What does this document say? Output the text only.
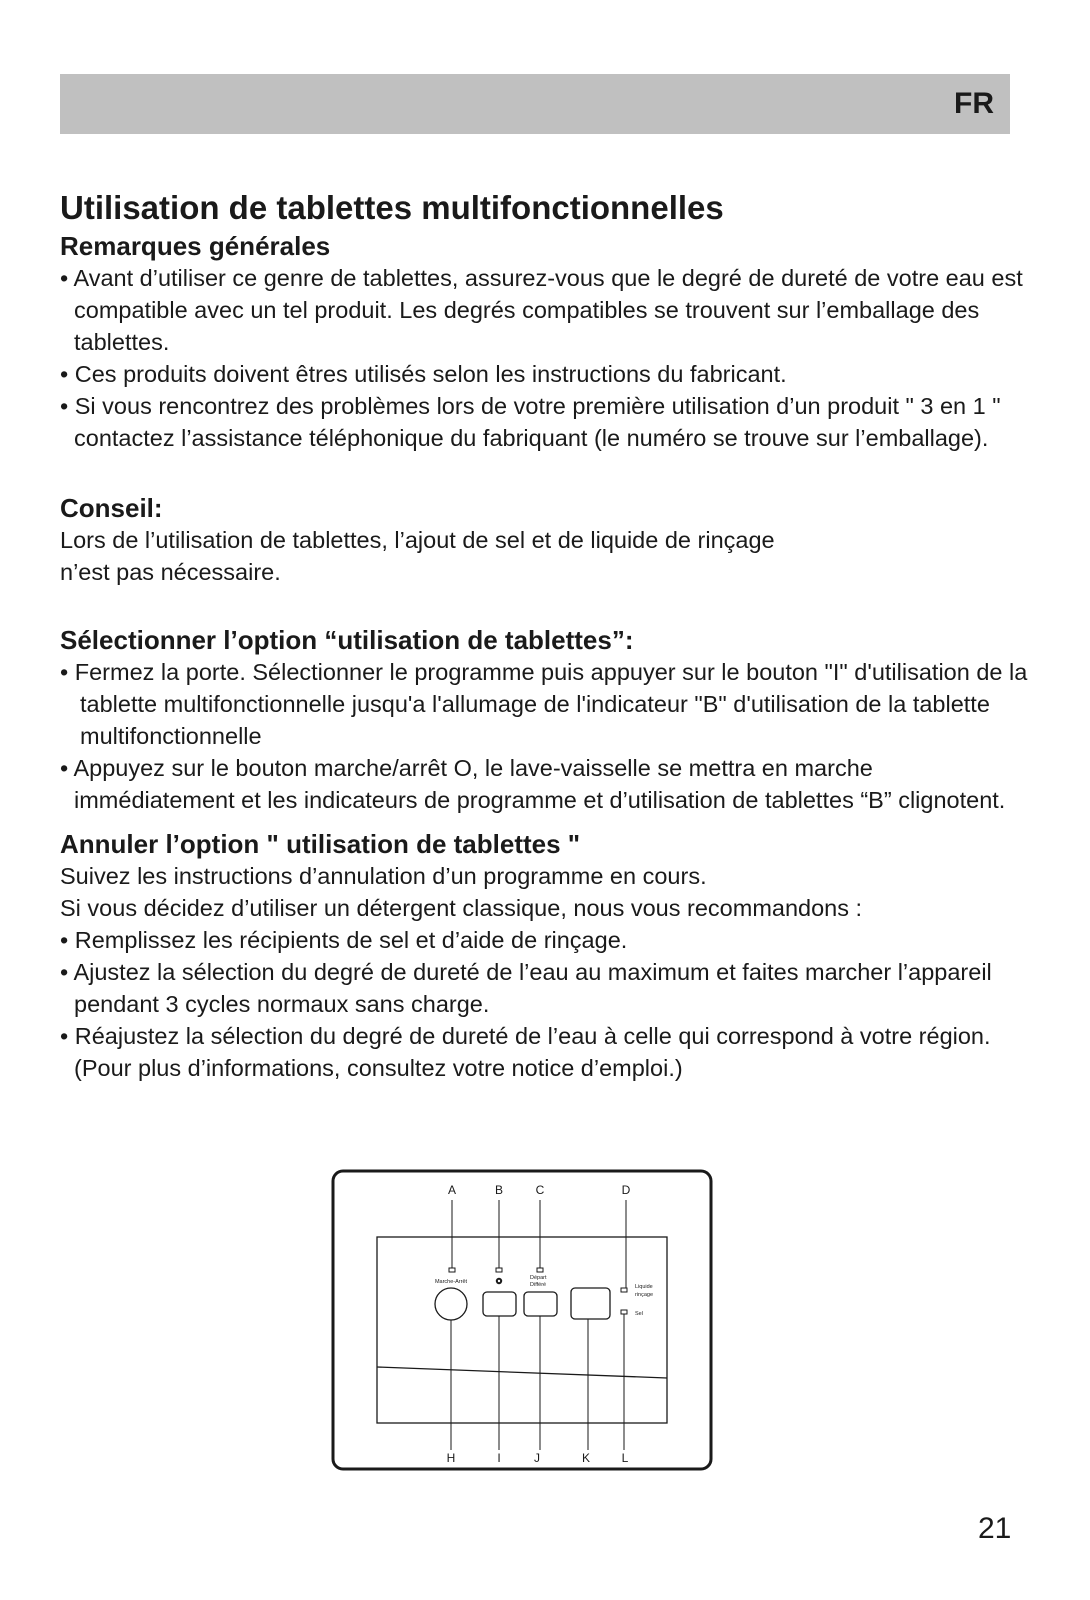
FR
Utilisation de tablettes multifonctionnelles
Remarques générales
• Avant d’utiliser ce genre de tablettes, assurez-vous que le degré de dureté de votre eau est compatible avec un tel produit. Les degrés compatibles se trouvent sur l’emballage des tablettes.
• Ces produits doivent êtres utilisés selon les instructions du fabricant.
• Si vous rencontrez des problèmes lors de votre première utilisation d’un produit " 3 en 1 " contactez l’assistance téléphonique du fabriquant (le numéro se trouve sur l’emballage).
Conseil:

Lors de l’utilisation de tablettes, l’ajout de sel et de liquide de rinçage

n’est pas nécessaire.

Sélectionner l’option “utilisation de tablettes”:
• Fermez la porte. Sélectionner le programme puis appuyer sur le bouton "I" d'utilisation de la tablette multifonctionnelle jusqu'a l'allumage de l'indicateur "B" d'utilisation de la tablette multifonctionnelle
• Appuyez sur le bouton marche/arrêt O, le lave-vaisselle se mettra en marche immédiatement et les indicateurs de programme et d’utilisation de tablettes “B” clignotent.
Annuler l’option " utilisation de tablettes "

Suivez les instructions d’annulation d’un programme en cours.

Si vous décidez d’utiliser un détergent classique, nous vous recommandons :

• Remplissez les récipients de sel et d’aide de rinçage.
• Ajustez la sélection du degré de dureté de l’eau au maximum et faites marcher l’appareil pendant 3 cycles normaux sans charge.
• Réajustez la sélection du degré de dureté de l’eau à celle qui correspond à votre région. (Pour plus d’informations, consultez votre notice d’emploi.)
A	B	C	D
Marche-Arrêt
Départ
Différé	Liquide
rinçage
Sel
H	I	J	K	L
21
